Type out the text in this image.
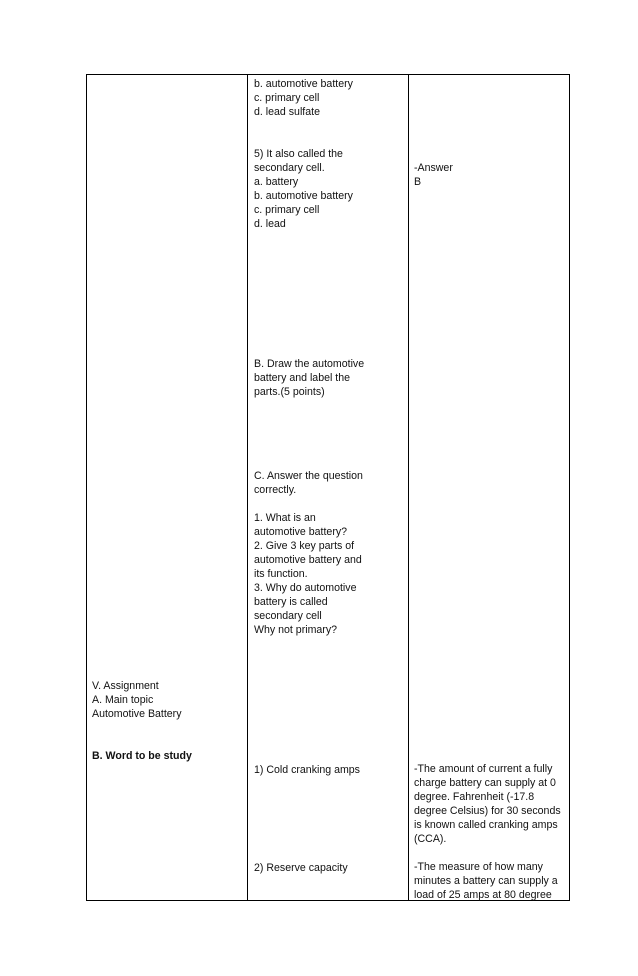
b. automotive battery
c. primary cell
d. lead sulfate
5) It also called the
secondary cell.
a. battery
b. automotive battery
c. primary cell
d. lead
-Answer
B
B. Draw the automotive
battery and label the
parts.(5 points)
C. Answer the question
correctly.

1. What is an
automotive battery?
2. Give 3 key parts of
automotive battery and
its function.
3. Why do automotive
battery is called
secondary cell
Why not primary?
V. Assignment
A. Main topic
Automotive Battery
B. Word to be study
1) Cold cranking amps	-The amount of current a fully
charge battery can supply at 0
degree. Fahrenheit (-17.8
degree Celsius) for 30 seconds
is known called cranking amps
(CCA).
2) Reserve capacity	-The measure of how many
minutes a battery can supply a
load of 25 amps at 80 degree
